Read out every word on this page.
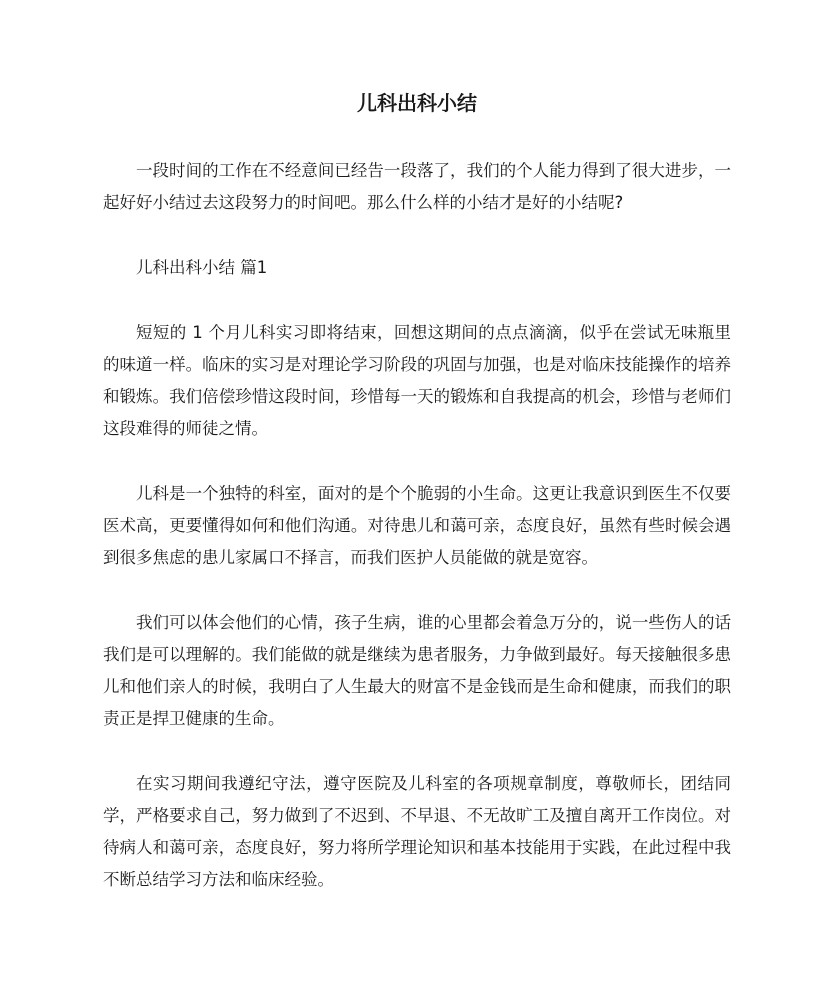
儿科出科小结

一段时间的工作在不经意间已经告一段落了，我们的个人能力得到了很大进步，一起好好小结过去这段努力的时间吧。那么什么样的小结才是好的小结呢?

儿科出科小结 篇1

短短的 1 个月儿科实习即将结束，回想这期间的点点滴滴，似乎在尝试无味瓶里的味道一样。临床的实习是对理论学习阶段的巩固与加强，也是对临床技能操作的培养和锻炼。我们倍偿珍惜这段时间，珍惜每一天的锻炼和自我提高的机会，珍惜与老师们这段难得的师徒之情。

儿科是一个独特的科室，面对的是个个脆弱的小生命。这更让我意识到医生不仅要医术高，更要懂得如何和他们沟通。对待患儿和蔼可亲，态度良好，虽然有些时候会遇到很多焦虑的患儿家属口不择言，而我们医护人员能做的就是宽容。

我们可以体会他们的心情，孩子生病，谁的心里都会着急万分的，说一些伤人的话我们是可以理解的。我们能做的就是继续为患者服务，力争做到最好。每天接触很多患儿和他们亲人的时候，我明白了人生最大的财富不是金钱而是生命和健康，而我们的职责正是捍卫健康的生命。

在实习期间我遵纪守法，遵守医院及儿科室的各项规章制度，尊敬师长，团结同学，严格要求自己，努力做到了不迟到、不早退、不无故旷工及擅自离开工作岗位。对待病人和蔼可亲，态度良好，努力将所学理论知识和基本技能用于实践，在此过程中我不断总结学习方法和临床经验。
